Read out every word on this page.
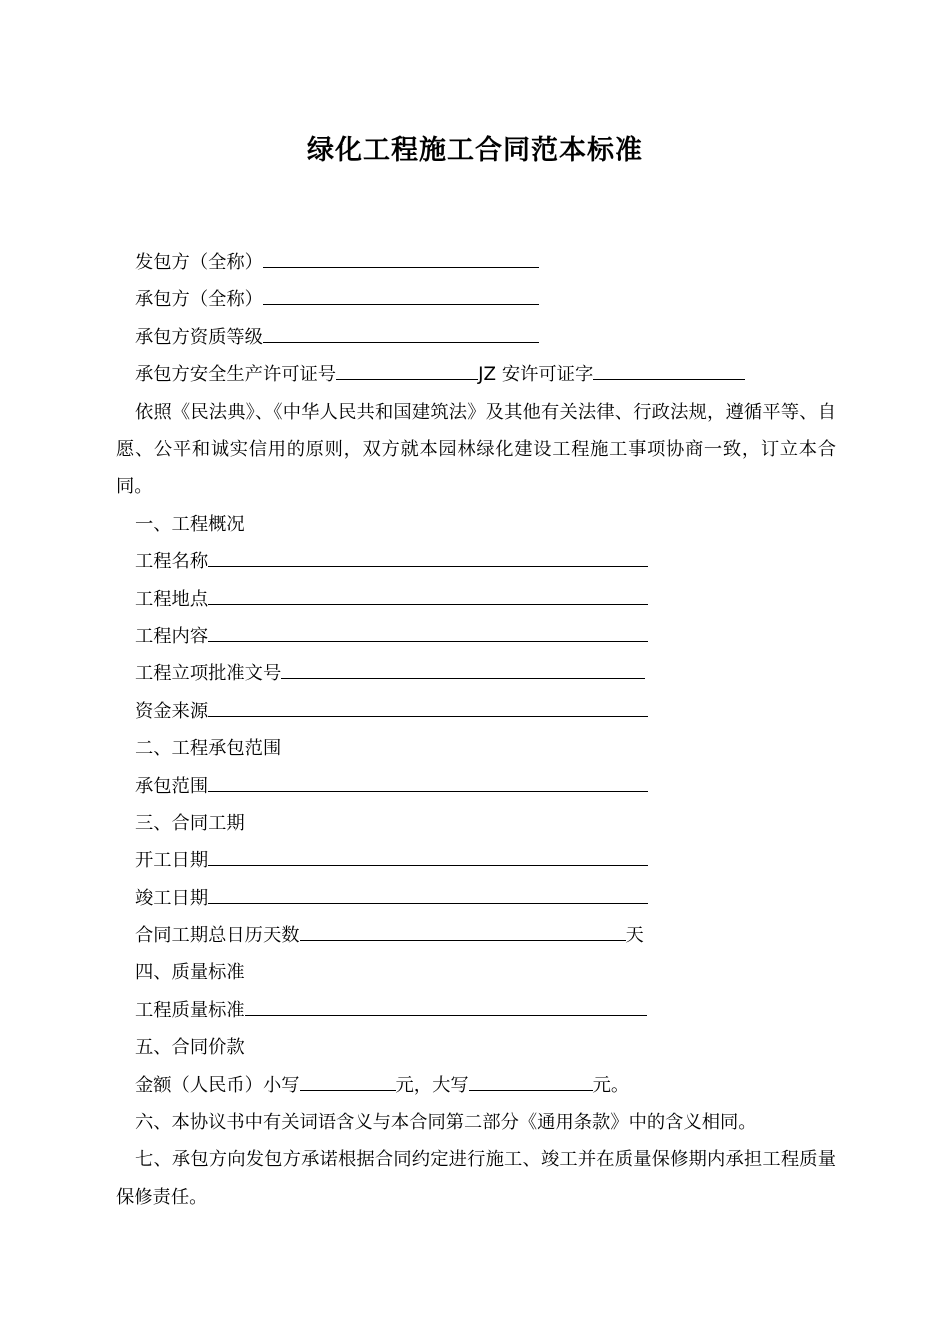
绿化工程施工合同范本标准
发包方（全称）
承包方（全称）
承包方资质等级
承包方安全生产许可证号	JZ 安许可证字
依照《民法典》、《中华人民共和国建筑法》及其他有关法律、行政法规，遵循平等、自愿、公平和诚实信用的原则，双方就本园林绿化建设工程施工事项协商一致，订立本合同。
一、工程概况
工程名称
工程地点
工程内容
工程立项批准文号
资金来源
二、工程承包范围
承包范围
三、合同工期
开工日期
竣工日期
合同工期总日历天数	天
四、质量标准
工程质量标准
五、合同价款
金额（人民币）小写	元，大写	元。
六、本协议书中有关词语含义与本合同第二部分《通用条款》中的含义相同。
七、承包方向发包方承诺根据合同约定进行施工、竣工并在质量保修期内承担工程质量保修责任。
